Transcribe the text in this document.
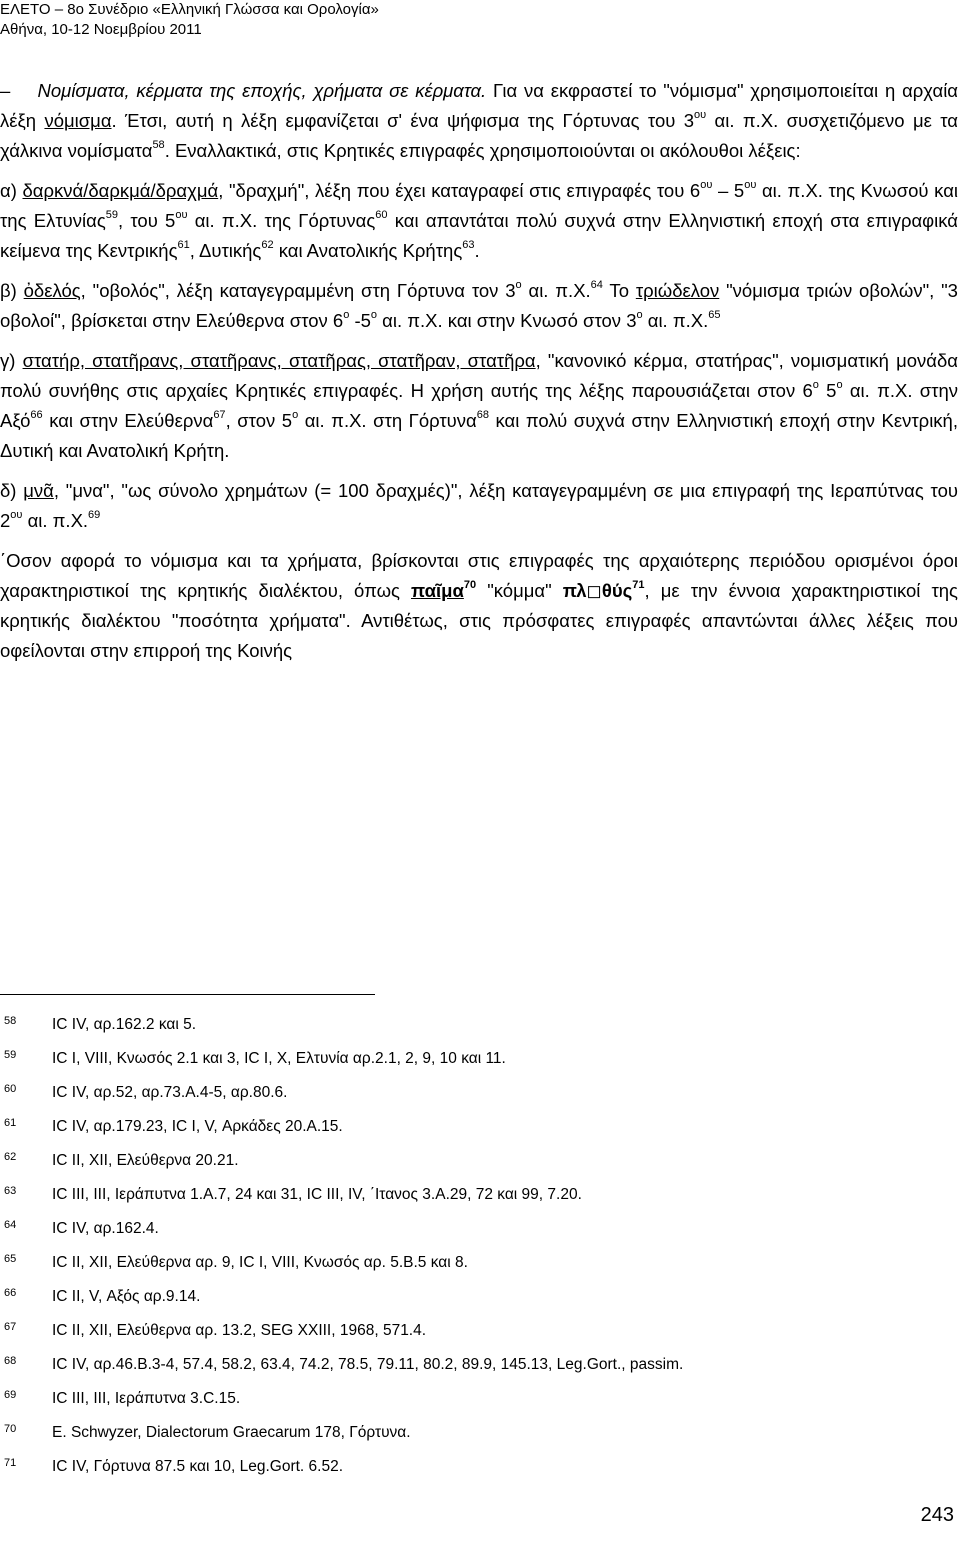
ΕΛΕΤΟ – 8ο Συνέδριο «Ελληνική Γλώσσα και Ορολογία»
Αθήνα, 10-12 Νοεμβρίου 2011

– Νομίσματα, κέρματα της εποχής, χρήματα σε κέρματα. Για να εκφραστεί το "νόμισμα" χρησιμοποιείται η αρχαία λέξη νόμισμα. Έτσι, αυτή η λέξη εμφανίζεται σ' ένα ψήφισμα της Γόρτυνας του $3^{o\upsilon}$ αι. π.Χ. συσχετιζόμενο με τα χάλκινα νομίσματα$^{58}$. Εναλλακτικά, στις Κρητικές επιγραφές χρησιμοποιούνται οι ακόλουθοι λέξεις:

α) δαρκνά/δαρκμά/δραχμά, "δραχμή", λέξη που έχει καταγραφεί στις επιγραφές του $6^{o\upsilon} - 5^{o\upsilon}$ αι. π.Χ. της Κνωσού και της Ελτυνίας$^{59}$, του $5^{o\upsilon}$ αι. π.Χ. της Γόρτυνας$^{60}$ και απαντάται πολύ συχνά στην Ελληνιστική εποχή στα επιγραφικά κείμενα της Κεντρικής$^{61}$, Δυτικής$^{62}$ και Ανατολικής Κρήτης$^{63}$.

β) ὀδελός, "οβολός", λέξη καταγεγραμμένη στη Γόρτυνα τον $3^o$ αι. π.Χ.$^{64}$ Το τριώδελον "νόμισμα τριών οβολών", "3 οβολοί", βρίσκεται στην Ελεύθερνα στον $6^o$ $-5^o$ αι. π.Χ. και στην Κνωσό στον $3^o$ αι. π.Χ.$^{65}$

γ) στατήρ, στατῆρανς, στατῆρανς, στατῆρας, στατῆραν, στατῆρα, "κανονικό κέρμα, στατήρας", νομισματική μονάδα πολύ συνήθης στις αρχαίες Κρητικές επιγραφές. Η χρήση αυτής της λέξης παρουσιάζεται στον $6^o$ $5^o$ αι. π.Χ. στην Αξό$^{66}$ και στην Ελεύθερνα$^{67}$, στον $5^o$ αι. π.Χ. στη Γόρτυνα$^{68}$ και πολύ συχνά στην Ελληνιστική εποχή στην Κεντρική, Δυτική και Ανατολική Κρήτη.

δ) μνᾶ, "μνα", "ως σύνολο χρημάτων (= 100 δραχμές)", λέξη καταγεγραμμένη σε μια επιγραφή της Ιεραπύτνας του $2^{o\upsilon}$ αι. π.Χ.$^{69}$

΄Οσον αφορά το νόμισμα και τα χρήματα, βρίσκονται στις επιγραφές της αρχαιότερης περιόδου ορισμένοι όροι χαρακτηριστικοί της κρητικής διαλέκτου, όπως παῖμα$^{70}$ "κόμμα" πλ◻θύς$^{71}$, με την έννοια χαρακτηριστικοί της κρητικής διαλέκτου "ποσότητα χρήματα". Αντιθέτως, στις πρόσφατες επιγραφές απαντώνται άλλες λέξεις που οφείλονται στην επιρροή της Κοινής

58 IC IV, αρ.162.2 και 5.
59 IC I, VIII, Κνωσός 2.1 και 3, IC I, X, Ελτυνία αρ.2.1, 2, 9, 10 και 11.
60 IC IV, αρ.52, αρ.73.Α.4-5, αρ.80.6.
61 IC IV, αρ.179.23, IC I, V, Αρκάδες 20.Α.15.
62 IC II, XII, Ελεύθερνα 20.21.
63 IC III, III, Ιεράπυτνα 1.Α.7, 24 και 31, IC III, IV, ΄Ιτανος 3.Α.29, 72 και 99, 7.20.
64 IC IV, αρ.162.4.
65 IC II, XII, Ελεύθερνα αρ. 9, IC I, VIII, Κνωσός αρ. 5.Β.5 και 8.
66 IC II, V, Αξός αρ.9.14.
67 IC II, XII, Ελεύθερνα αρ. 13.2, SEG XXIII, 1968, 571.4.
68 IC IV, αρ.46.Β.3-4, 57.4, 58.2, 63.4, 74.2, 78.5, 79.11, 80.2, 89.9, 145.13, Leg.Gort., passim.
69 IC III, III, Ιεράπυτνα 3.C.15.
70 E. Schwyzer, Dialectorum Graecarum 178, Γόρτυνα.
71 IC IV, Γόρτυνα 87.5 και 10, Leg.Gort. 6.52.
243
